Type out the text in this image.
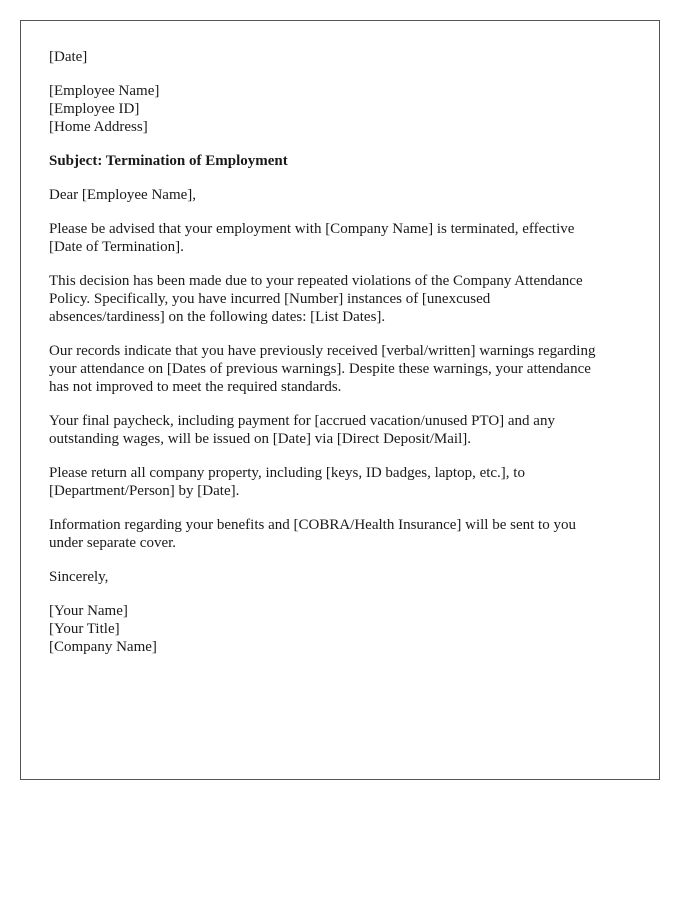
[Date]
[Employee Name]
[Employee ID]
[Home Address]
Subject: Termination of Employment
Dear [Employee Name],
Please be advised that your employment with [Company Name] is terminated, effective
[Date of Termination].
This decision has been made due to your repeated violations of the Company Attendance
Policy. Specifically, you have incurred [Number] instances of [unexcused
absences/tardiness] on the following dates: [List Dates].
Our records indicate that you have previously received [verbal/written] warnings regarding
your attendance on [Dates of previous warnings]. Despite these warnings, your attendance
has not improved to meet the required standards.
Your final paycheck, including payment for [accrued vacation/unused PTO] and any
outstanding wages, will be issued on [Date] via [Direct Deposit/Mail].
Please return all company property, including [keys, ID badges, laptop, etc.], to
[Department/Person] by [Date].
Information regarding your benefits and [COBRA/Health Insurance] will be sent to you
under separate cover.
Sincerely,
[Your Name]
[Your Title]
[Company Name]
